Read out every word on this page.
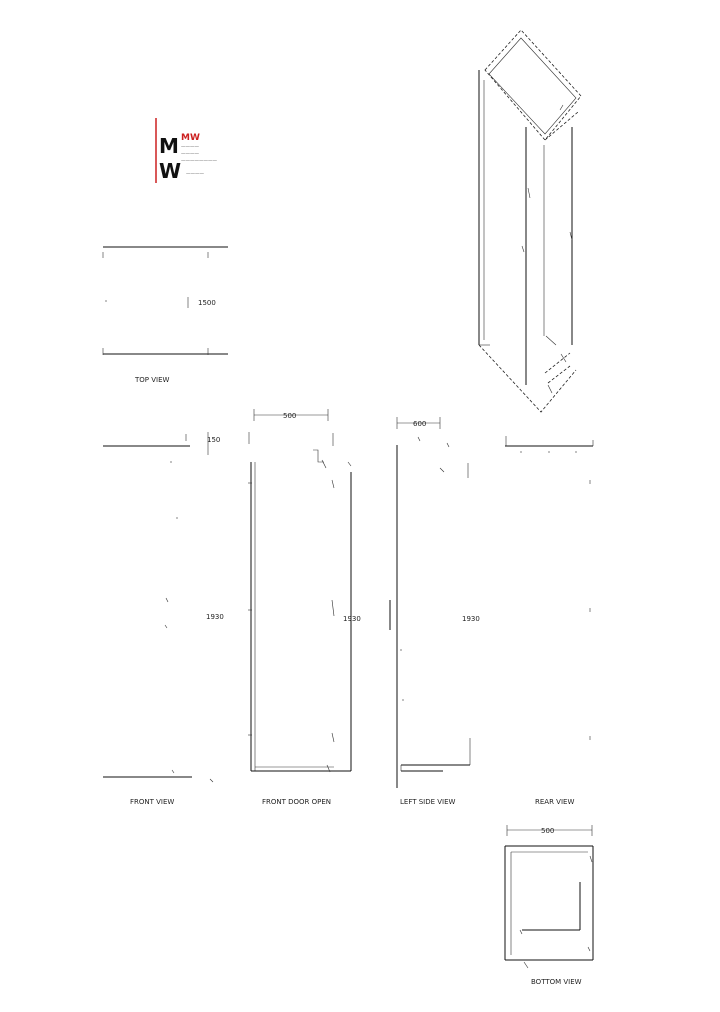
M
W
MW
————
————
————————
————
1500
TOP VIEW
150
1930
FRONT VIEW
500
1930
FRONT DOOR OPEN
600
1930
LEFT SIDE VIEW	REAR VIEW
500
BOTTOM VIEW
